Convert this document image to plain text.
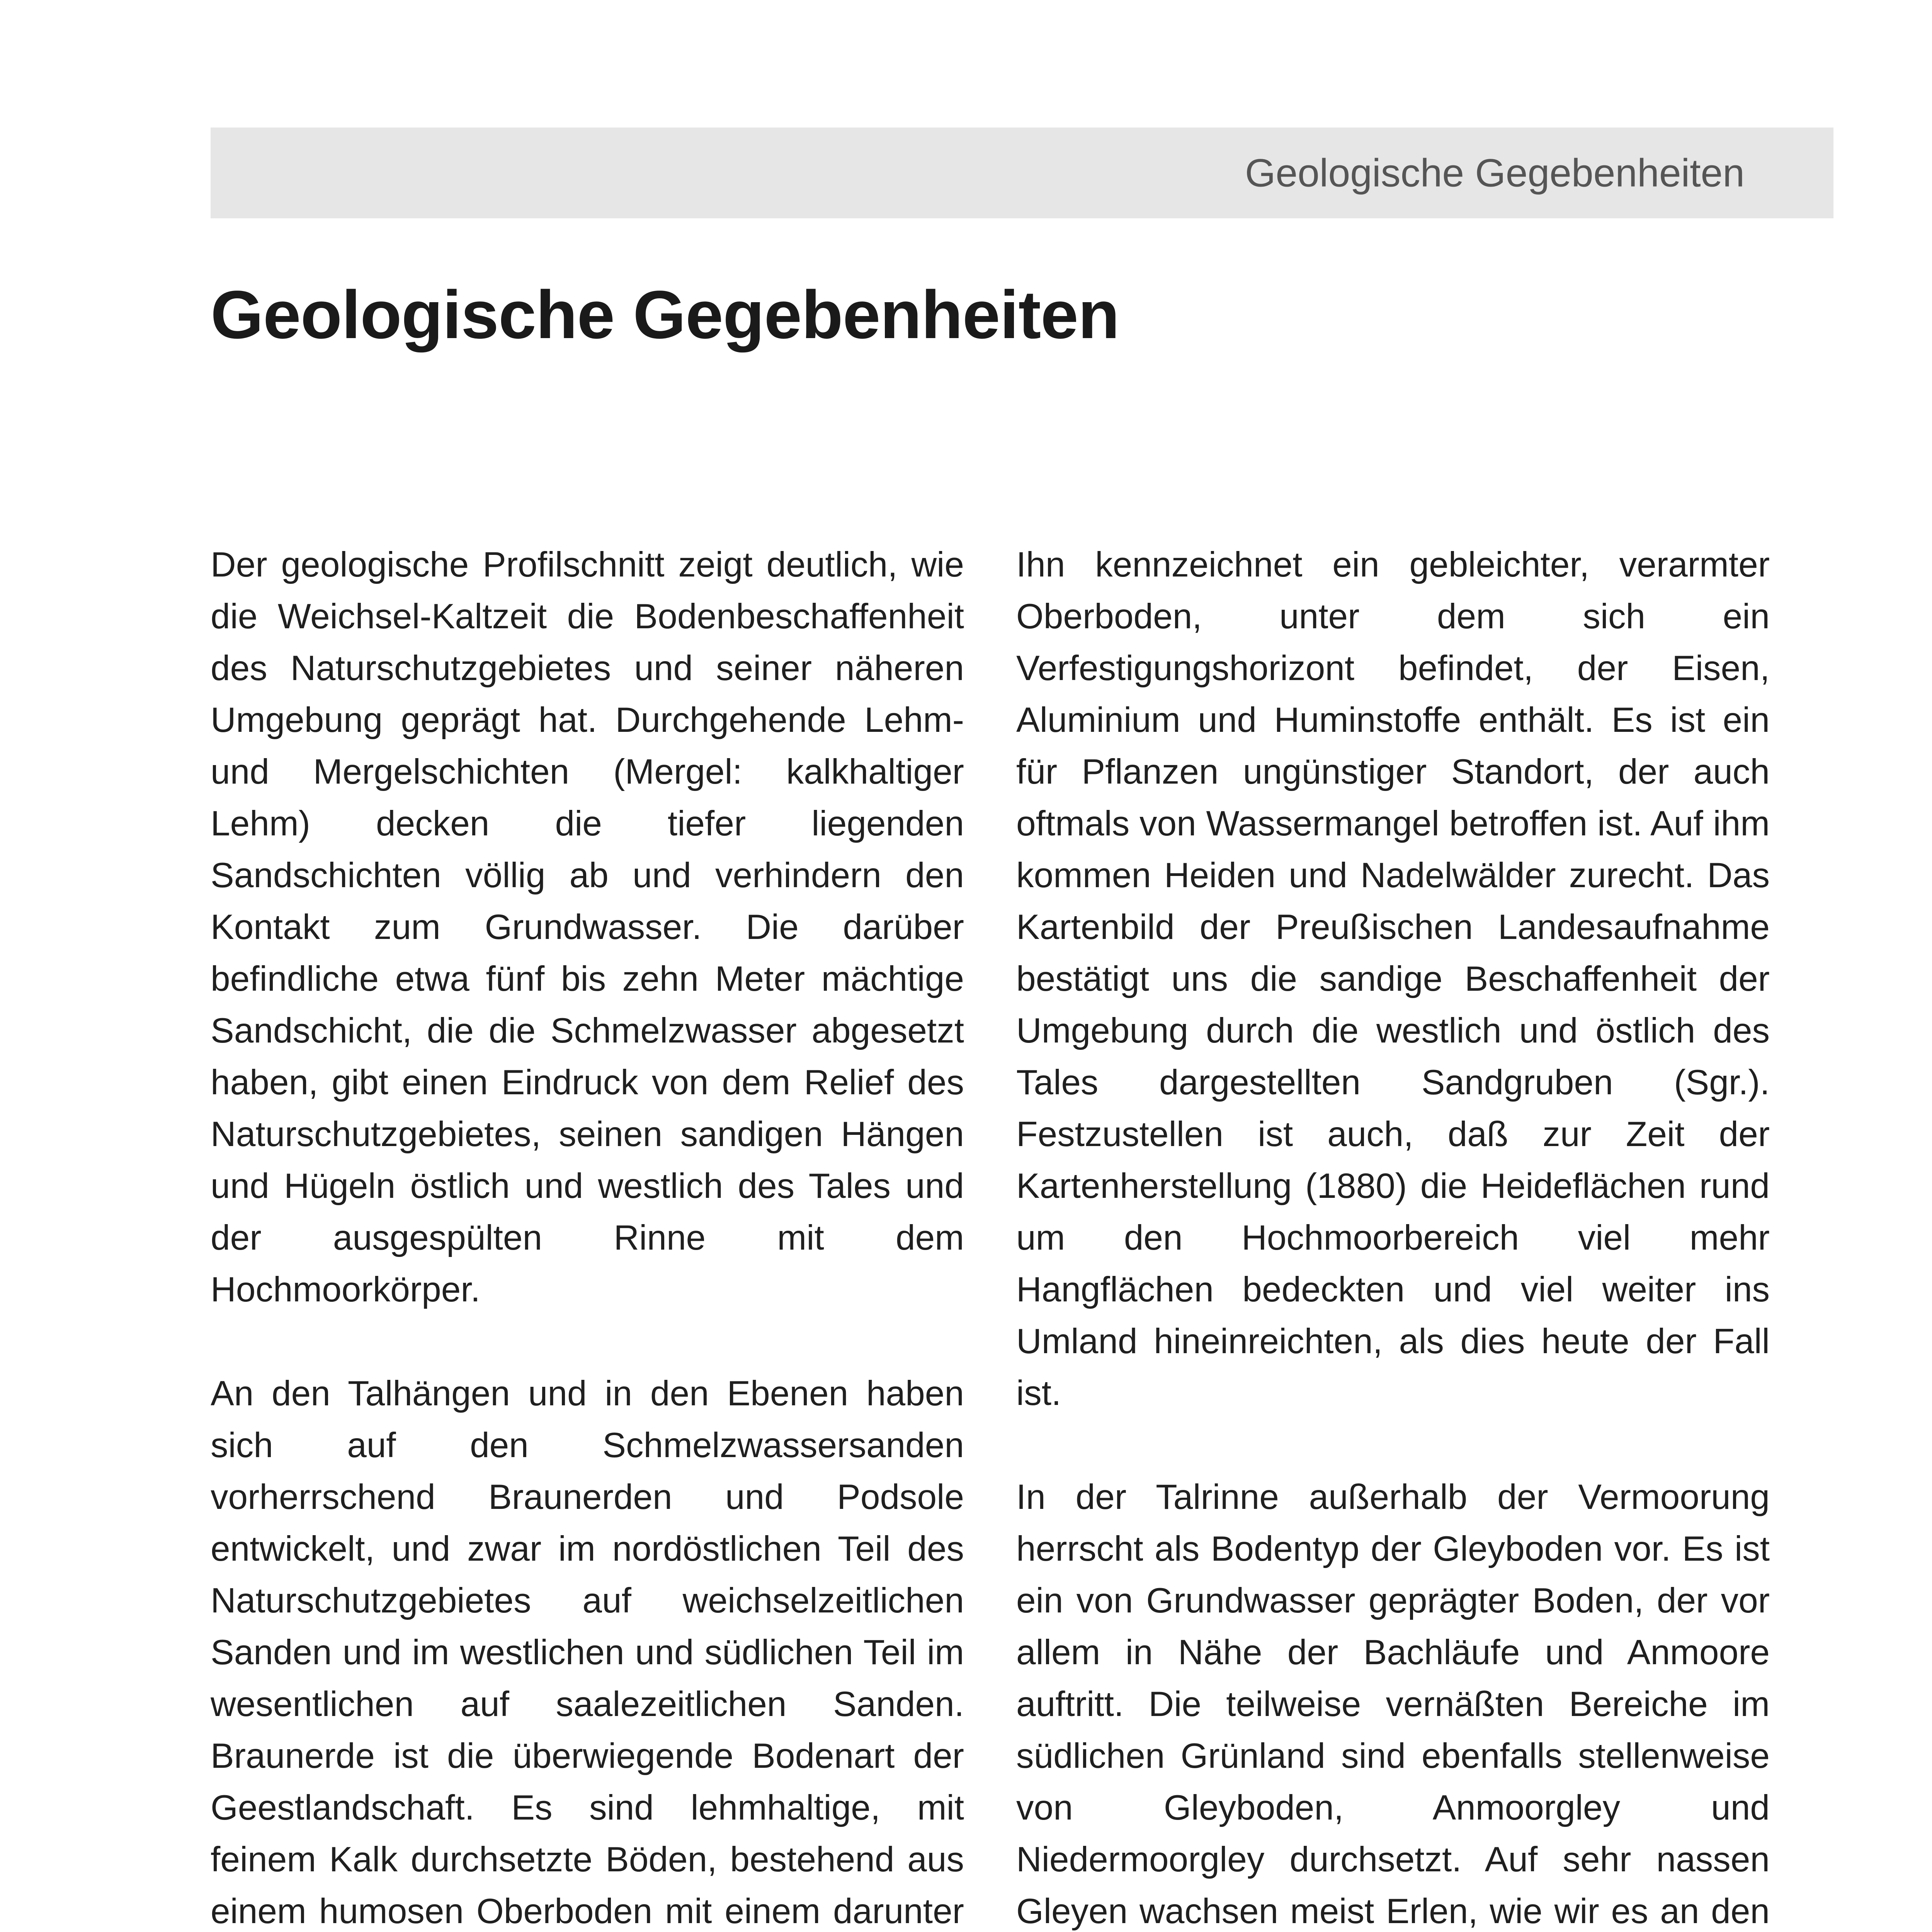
Geologische Gegebenheiten
Geologische Gegebenheiten

Der geologische Profilschnitt zeigt deutlich, wie die Weichsel-Kaltzeit die Bodenbeschaffenheit des Naturschutzgebietes und seiner näheren Umgebung geprägt hat. Durchgehende Lehm- und Mergelschichten (Mergel: kalkhaltiger Lehm) decken die tiefer liegenden Sandschichten völlig ab und verhindern den Kontakt zum Grundwasser. Die darüber befindliche etwa fünf bis zehn Meter mächtige Sandschicht, die die Schmelzwasser abgesetzt haben, gibt einen Eindruck von dem Relief des Naturschutzgebietes, seinen sandigen Hängen und Hügeln östlich und westlich des Tales und der ausgespülten Rinne mit dem Hochmoorkörper.

An den Talhängen und in den Ebenen haben sich auf den Schmelzwassersanden vorherrschend Braunerden und Podsole entwickelt, und zwar im nordöstlichen Teil des Naturschutzgebietes auf weichselzeitlichen Sanden und im westlichen und südlichen Teil im wesentlichen auf saalezeitlichen Sanden. Braunerde ist die überwiegende Bodenart der Geestlandschaft. Es sind lehmhaltige, mit feinem Kalk durchsetzte Böden, bestehend aus einem humosen Oberboden mit einem darunter

Ihn kennzeichnet ein gebleichter, verarmter Oberboden, unter dem sich ein Verfestigungshorizont befindet, der Eisen, Aluminium und Huminstoffe enthält. Es ist ein für Pflanzen ungünstiger Standort, der auch oftmals von Wassermangel betroffen ist. Auf ihm kommen Heiden und Nadelwälder zurecht. Das Kartenbild der Preußischen Landesaufnahme bestätigt uns die sandige Beschaffenheit der Umgebung durch die westlich und östlich des Tales dargestellten Sandgruben (Sgr.). Festzustellen ist auch, daß zur Zeit der Kartenherstellung (1880) die Heideflächen rund um den Hochmoorbereich viel mehr Hangflächen bedeckten und viel weiter ins Umland hineinreichten, als dies heute der Fall ist.

In der Talrinne außerhalb der Vermoorung herrscht als Bodentyp der Gleyboden vor. Es ist ein von Grundwasser geprägter Boden, der vor allem in Nähe der Bachläufe und Anmoore auftritt. Die teilweise vernäßten Bereiche im südlichen Grünland sind ebenfalls stellenweise von Gleyboden, Anmoorgley und Niedermoorgley durchsetzt. Auf sehr nassen Gleyen wachsen meist Erlen, wie wir es an den
